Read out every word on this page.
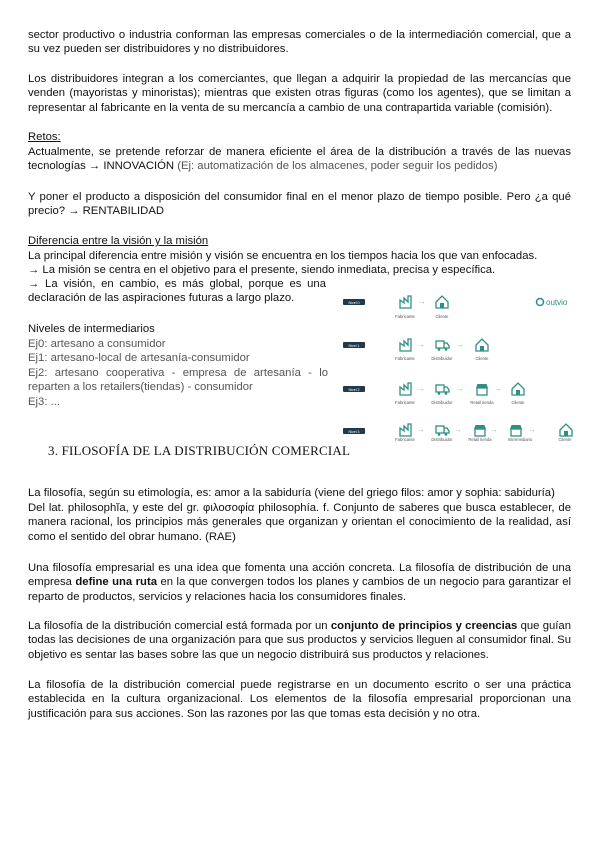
sector productivo o industria conforman las empresas comerciales o de la intermediación comercial, que a su vez pueden ser distribuidores y no distribuidores.

Los distribuidores integran a los comerciantes, que llegan a adquirir la propiedad de las mercancías que venden (mayoristas y minoristas); mientras que existen otras figuras (como los agentes), que se limitan a representar al fabricante en la venta de su mercancía a cambio de una contrapartida variable (comisión).

Retos:

Actualmente, se pretende reforzar de manera eficiente el área de la distribución a través de las nuevas tecnologías → INNOVACIÓN (Ej: automatización de los almacenes, poder seguir los pedidos)

Y poner el producto a disposición del consumidor final en el menor plazo de tiempo posible. Pero ¿a qué precio? → RENTABILIDAD

Diferencia entre la visión y la misión

La principal diferencia entre misión y visión se encuentra en los tiempos hacia los que van enfocadas.

→ La misión se centra en el objetivo para el presente, siendo inmediata, precisa y específica.

→ La visión, en cambio, es más global, porque es una declaración de las aspiraciones futuras a largo plazo.

Niveles de intermediarios

Ej0: artesano a consumidor

Ej1: artesano-local de artesanía-consumidor

Ej2: artesano cooperativa - empresa de artesanía - lo reparten a los retailers(tiendas) - consumidor

Ej3: ...

outvio
Nivel 0	→
Fabricante	Cliente
Nivel 1	→	→
Fabricante	Distribuidor	Cliente
Nivel 2	→	→	→
Fabricante	Distribuidor	Retail tienda	Cliente
Nivel 3	→	→	→	→
Fabricante	Distribuidor	Retail tienda	Intermediario	Cliente
3. FILOSOFÍA DE LA DISTRIBUCIÓN COMERCIAL

La filosofía, según su etimología, es: amor a la sabiduría (viene del griego filos: amor y sophia: sabiduría)

Del lat. philosophĭa, y este del gr. φιλοσοφία philosophía. f. Conjunto de saberes que busca establecer, de manera racional, los principios más generales que organizan y orientan el conocimiento de la realidad, así como el sentido del obrar humano. (RAE)

Una filosofía empresarial es una idea que fomenta una acción concreta. La filosofía de distribución de una empresa define una ruta en la que convergen todos los planes y cambios de un negocio para garantizar el reparto de productos, servicios y relaciones hacia los consumidores finales.

La filosofía de la distribución comercial está formada por un conjunto de principios y creencias que guían todas las decisiones de una organización para que sus productos y servicios lleguen al consumidor final. Su objetivo es sentar las bases sobre las que un negocio distribuirá sus productos y relaciones.

La filosofía de la distribución comercial puede registrarse en un documento escrito o ser una práctica establecida en la cultura organizacional. Los elementos de la filosofía empresarial proporcionan una justificación para sus acciones. Son las razones por las que tomas esta decisión y no otra.
